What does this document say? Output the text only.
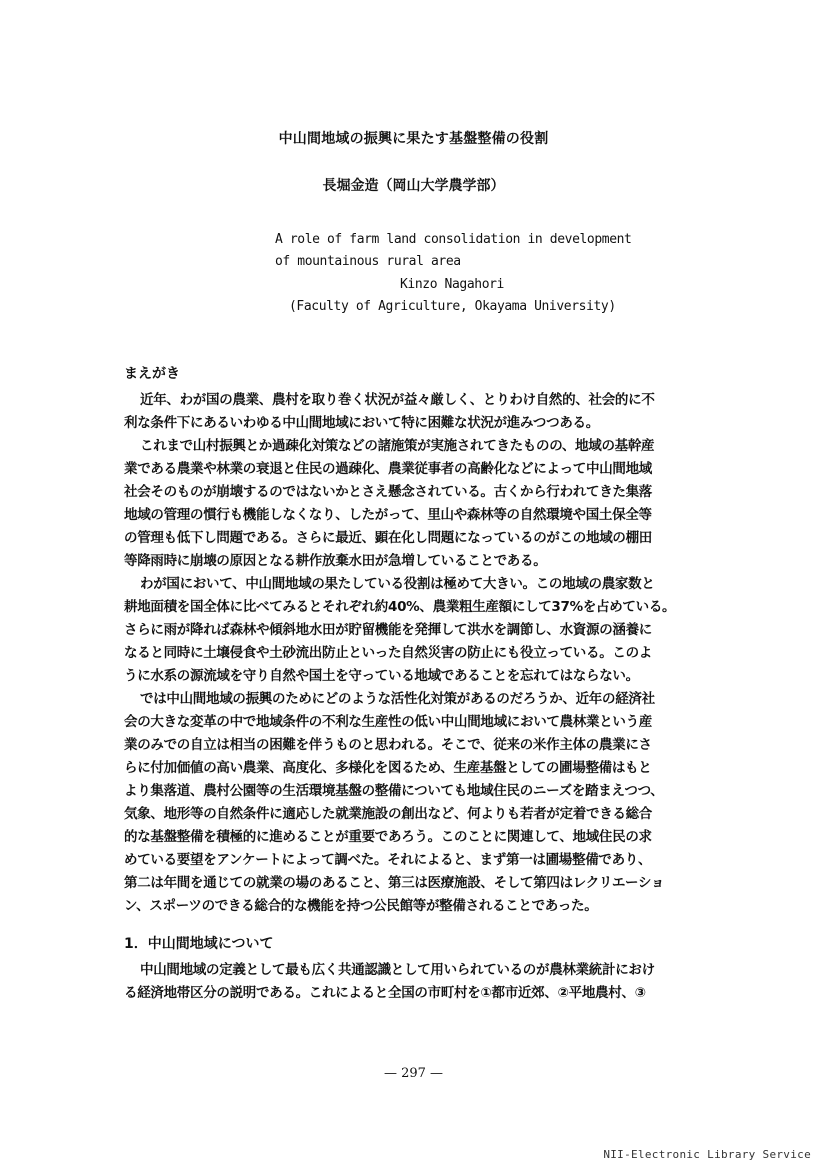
中山間地域の振興に果たす基盤整備の役割
長堀金造（岡山大学農学部）
A role of farm land consolidation in development
of mountainous rural area
Kinzo Nagahori
(Faculty of Agriculture, Okayama University)
まえがき
近年、わが国の農業、農村を取り巻く状況が益々厳しく、とりわけ自然的、社会的に不
利な条件下にあるいわゆる中山間地域において特に困難な状況が進みつつある。
これまで山村振興とか過疎化対策などの諸施策が実施されてきたものの、地域の基幹産
業である農業や林業の衰退と住民の過疎化、農業従事者の高齢化などによって中山間地域
社会そのものが崩壊するのではないかとさえ懸念されている。古くから行われてきた集落
地域の管理の慣行も機能しなくなり、したがって、里山や森林等の自然環境や国土保全等
の管理も低下し問題である。さらに最近、顕在化し問題になっているのがこの地域の棚田
等降雨時に崩壊の原因となる耕作放棄水田が急増していることである。
わが国において、中山間地域の果たしている役割は極めて大きい。この地域の農家数と
耕地面積を国全体に比べてみるとそれぞれ約40%、農業粗生産額にして37%を占めている。
さらに雨が降れば森林や傾斜地水田が貯留機能を発揮して洪水を調節し、水資源の涵養に
なると同時に土壌侵食や土砂流出防止といった自然災害の防止にも役立っている。このよ
うに水系の源流域を守り自然や国土を守っている地域であることを忘れてはならない。
では中山間地域の振興のためにどのような活性化対策があるのだろうか、近年の経済社
会の大きな変革の中で地域条件の不利な生産性の低い中山間地域において農林業という産
業のみでの自立は相当の困難を伴うものと思われる。そこで、従来の米作主体の農業にさ
らに付加価値の高い農業、高度化、多様化を図るため、生産基盤としての圃場整備はもと
より集落道、農村公園等の生活環境基盤の整備についても地域住民のニーズを踏まえつつ、
気象、地形等の自然条件に適応した就業施設の創出など、何よりも若者が定着できる総合
的な基盤整備を積極的に進めることが重要であろう。このことに関連して、地域住民の求
めている要望をアンケートによって調べた。それによると、まず第一は圃場整備であり、
第二は年間を通じての就業の場のあること、第三は医療施設、そして第四はレクリエーショ
ン、スポーツのできる総合的な機能を持つ公民館等が整備されることであった。
1．中山間地域について
中山間地域の定義として最も広く共通認識として用いられているのが農林業統計におけ
る経済地帯区分の説明である。これによると全国の市町村を①都市近郊、②平地農村、③
— 297 —
NII-Electronic Library Service
